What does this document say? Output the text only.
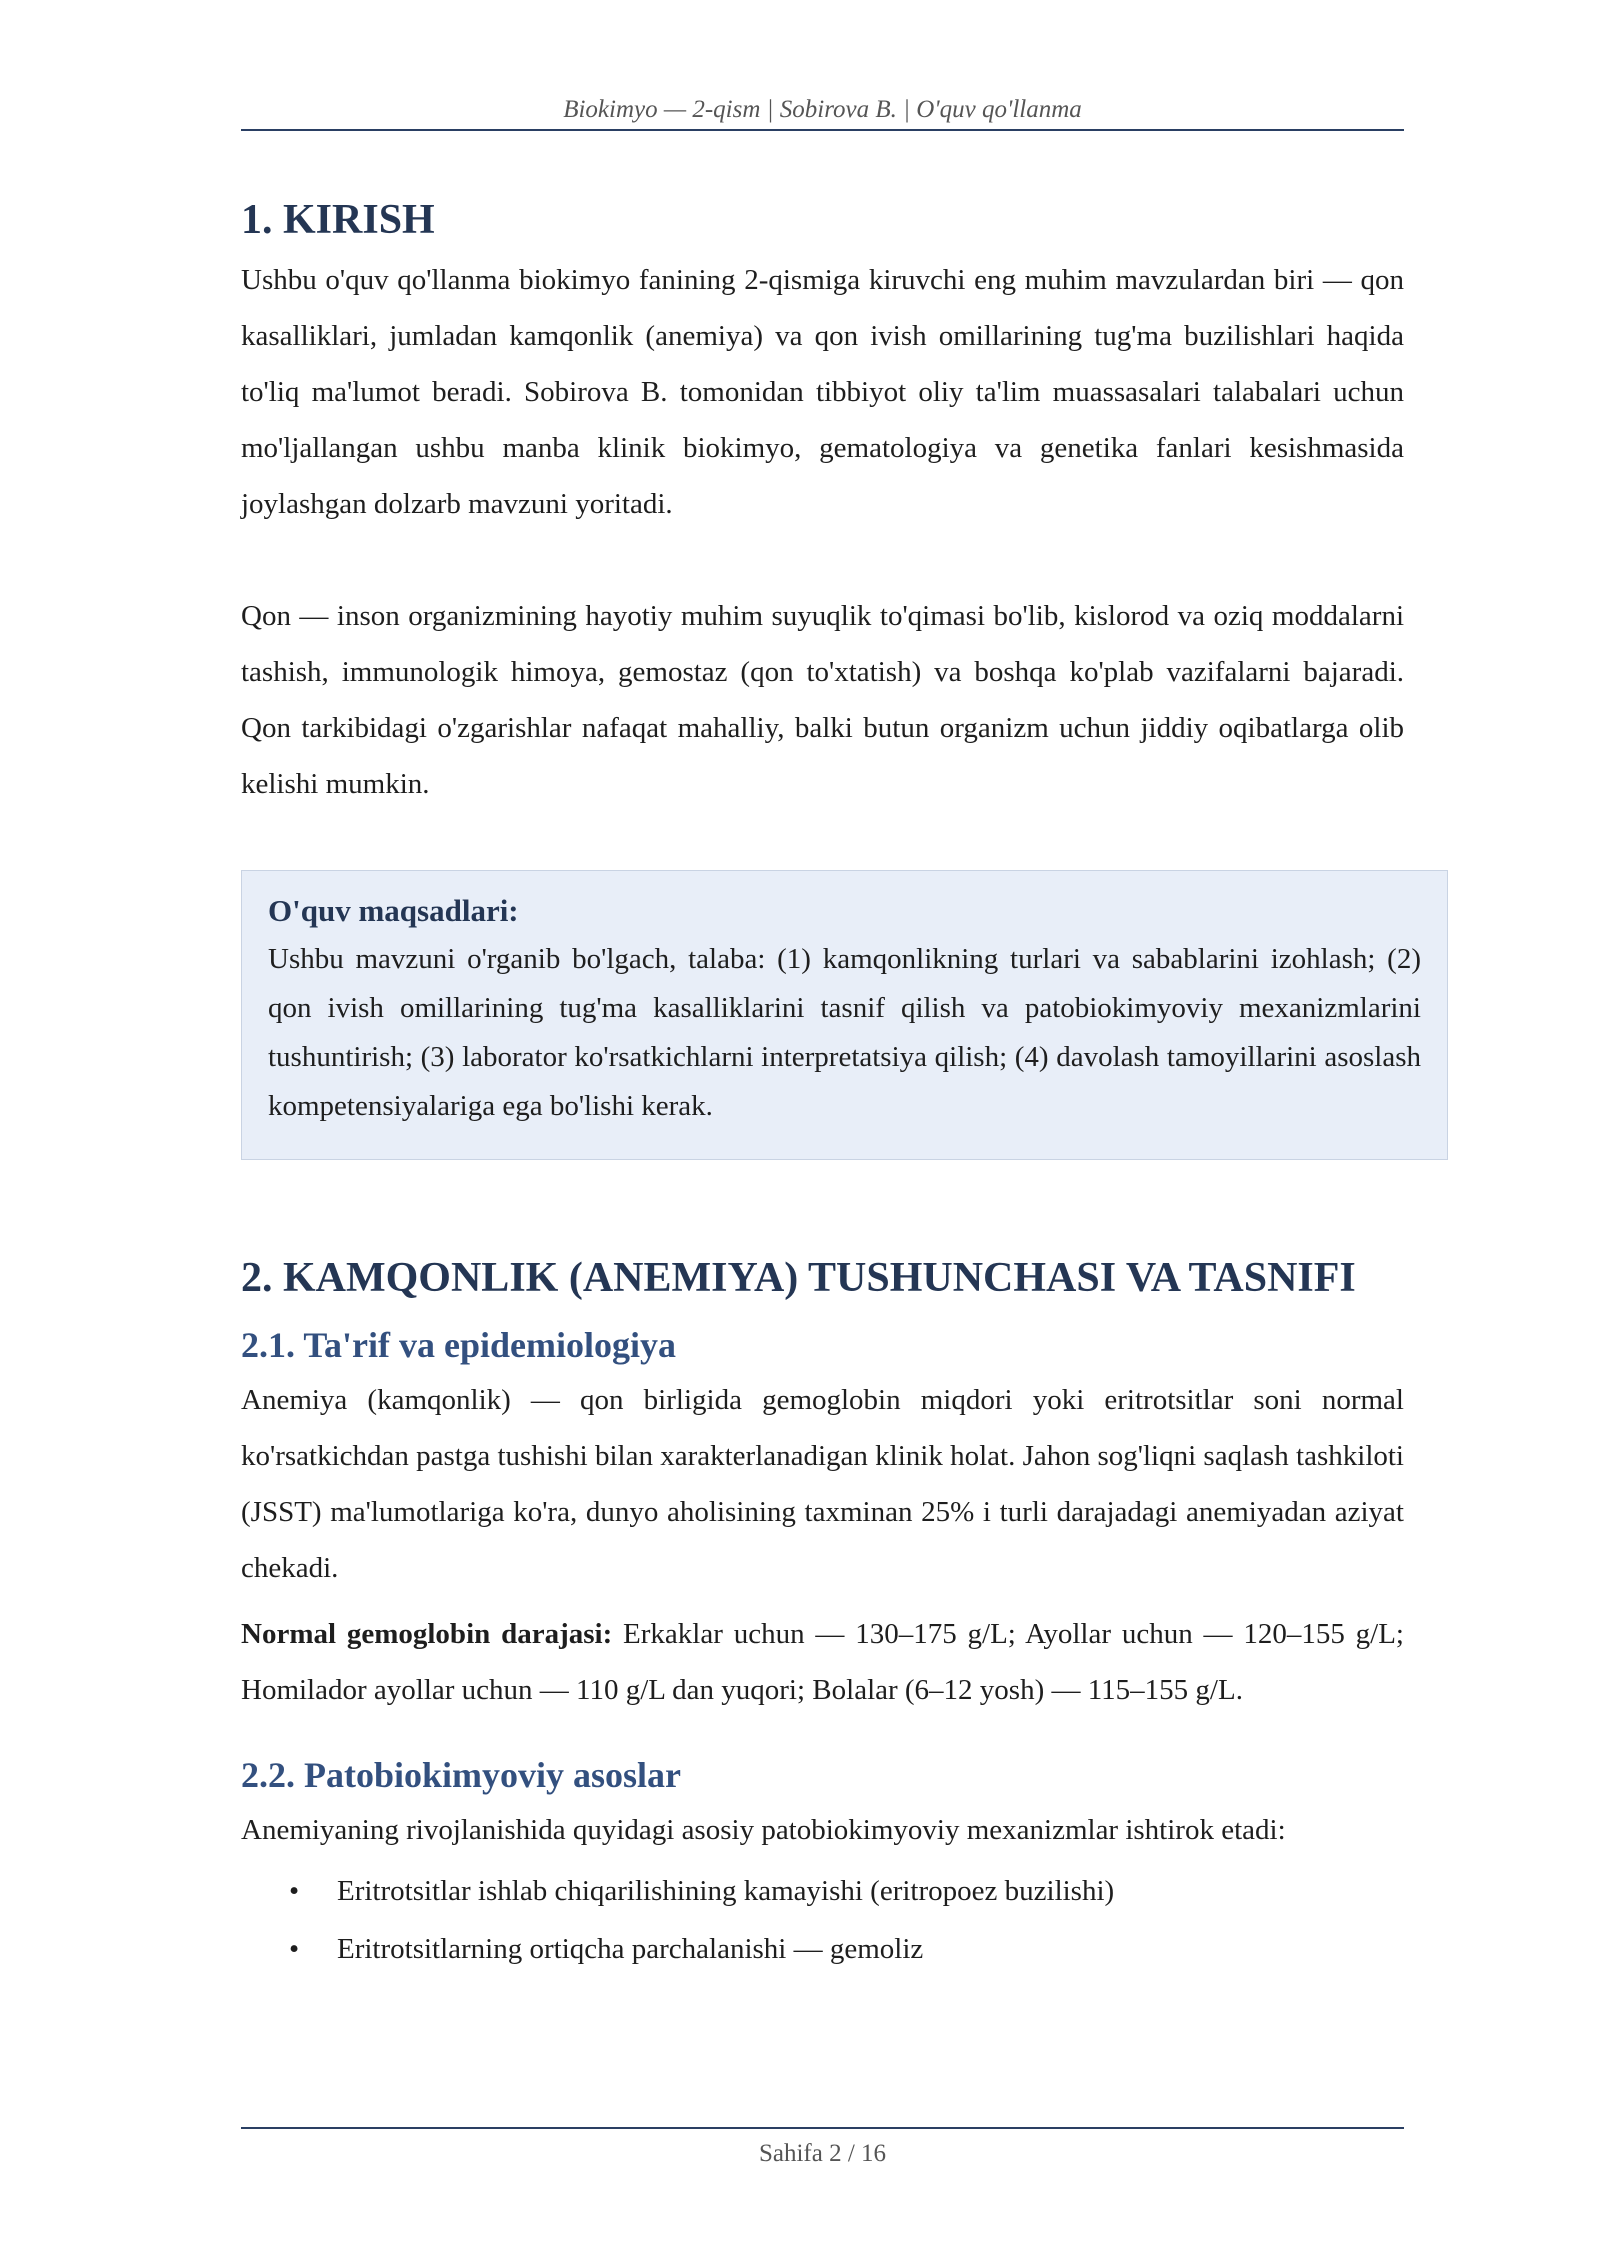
Biokimyo — 2-qism | Sobirova B. | O'quv qo'llanma
1. KIRISH

Ushbu o'quv qo'llanma biokimyo fanining 2-qismiga kiruvchi eng muhim mavzulardan biri — qon kasalliklari, jumladan kamqonlik (anemiya) va qon ivish omillarining tug'ma buzilishlari haqida to'liq ma'lumot beradi. Sobirova B. tomonidan tibbiyot oliy ta'lim muassasalari talabalari uchun mo'ljallangan ushbu manba klinik biokimyo, gematologiya va genetika fanlari kesishmasida joylashgan dolzarb mavzuni yoritadi.

Qon — inson organizmining hayotiy muhim suyuqlik to'qimasi bo'lib, kislorod va oziq moddalarni tashish, immunologik himoya, gemostaz (qon to'xtatish) va boshqa ko'plab vazifalarni bajaradi. Qon tarkibidagi o'zgarishlar nafaqat mahalliy, balki butun organizm uchun jiddiy oqibatlarga olib kelishi mumkin.

O'quv maqsadlari:
Ushbu mavzuni o'rganib bo'lgach, talaba: (1) kamqonlikning turlari va sabablarini izohlash; (2) qon ivish omillarining tug'ma kasalliklarini tasnif qilish va patobiokimyoviy mexanizmlarini tushuntirish; (3) laborator ko'rsatkichlarni interpretatsiya qilish; (4) davolash tamoyillarini asoslash kompetensiyalariga ega bo'lishi kerak.
2. KAMQONLIK (ANEMIYA) TUSHUNCHASI VA TASNIFI
2.1. Ta'rif va epidemiologiya

Anemiya (kamqonlik) — qon birligida gemoglobin miqdori yoki eritrotsitlar soni normal ko'rsatkichdan pastga tushishi bilan xarakterlanadigan klinik holat. Jahon sog'liqni saqlash tashkiloti (JSST) ma'lumotlariga ko'ra, dunyo aholisining taxminan 25% i turli darajadagi anemiyadan aziyat chekadi.

Normal gemoglobin darajasi: Erkaklar uchun — 130–175 g/L; Ayollar uchun — 120–155 g/L; Homilador ayollar uchun — 110 g/L dan yuqori; Bolalar (6–12 yosh) — 115–155 g/L.

2.2. Patobiokimyoviy asoslar

Anemiyaning rivojlanishida quyidagi asosiy patobiokimyoviy mexanizmlar ishtirok etadi:

• Eritrotsitlar ishlab chiqarilishining kamayishi (eritropoez buzilishi)
• Eritrotsitlarning ortiqcha parchalanishi — gemoliz
Sahifa 2 / 16
